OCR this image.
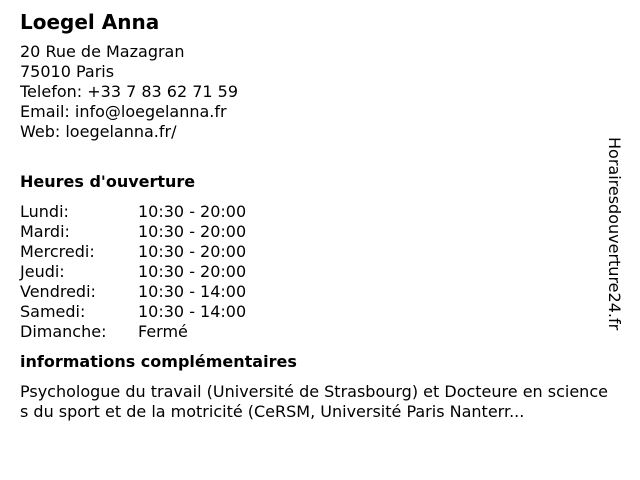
Loegel Anna
20 Rue de Mazagran
75010 Paris
Telefon: +33 7 83 62 71 59
Email: info@loegelanna.fr
Web: loegelanna.fr/
Heures d'ouverture
Lundi:	10:30 - 20:00
Mardi:	10:30 - 20:00
Mercredi:	10:30 - 20:00
Jeudi:	10:30 - 20:00
Vendredi:	10:30 - 14:00
Samedi:	10:30 - 14:00
Dimanche:	Fermé
informations complémentaires

Psychologue du travail (Université de Strasbourg) et Docteure en sciences du sport et de la motricité (CeRSM, Université Paris Nanterr...

Horairesdouverture24.fr
